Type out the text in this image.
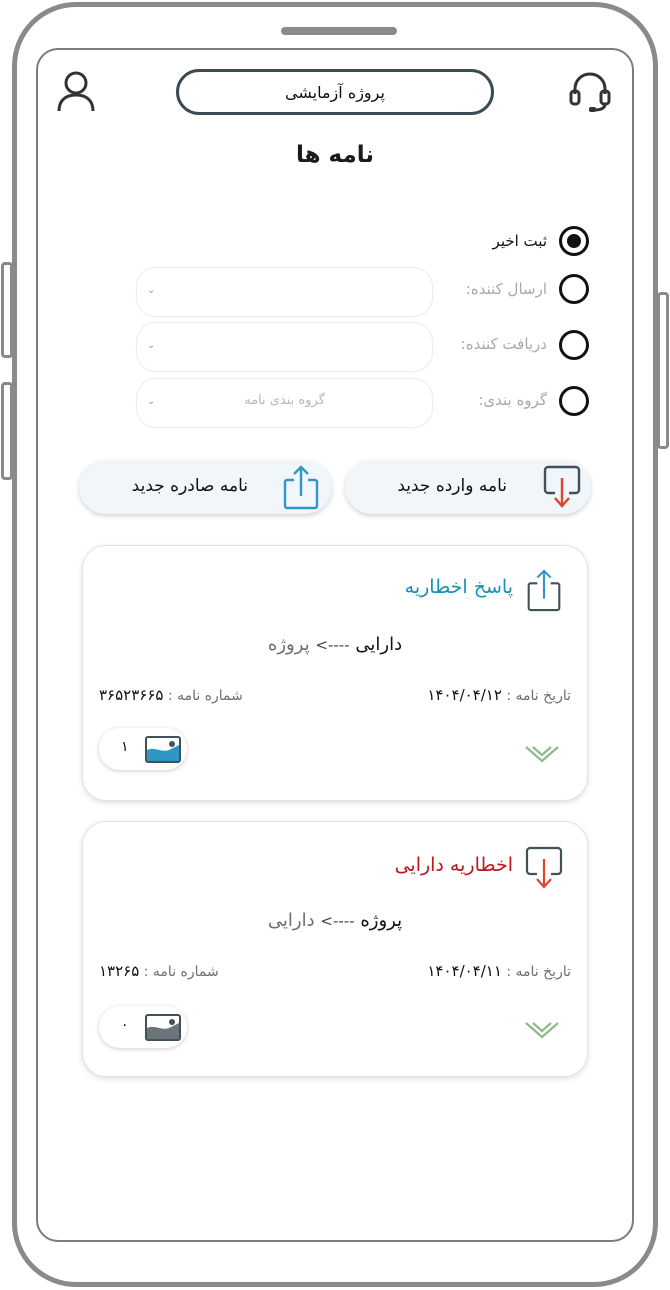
پروژه آزمایشی
نامه ها
ثبت اخیر
ارسال کننده:
⌄
دریافت کننده:
⌄
گروه بندی:
⌄	گروه بندی نامه
نامه وارده جدید
نامه صادره جدید
پاسخ اخطاریه
دارایی ----> پروژه
تاریخ نامه : ۱۴۰۴/۰۴/۱۲
شماره نامه : ۳۶۵۲۳۶۶۵
۱
اخطاریه دارایی
پروژه ----> دارایی
تاریخ نامه : ۱۴۰۴/۰۴/۱۱
شماره نامه : ۱۳۲۶۵
۰
